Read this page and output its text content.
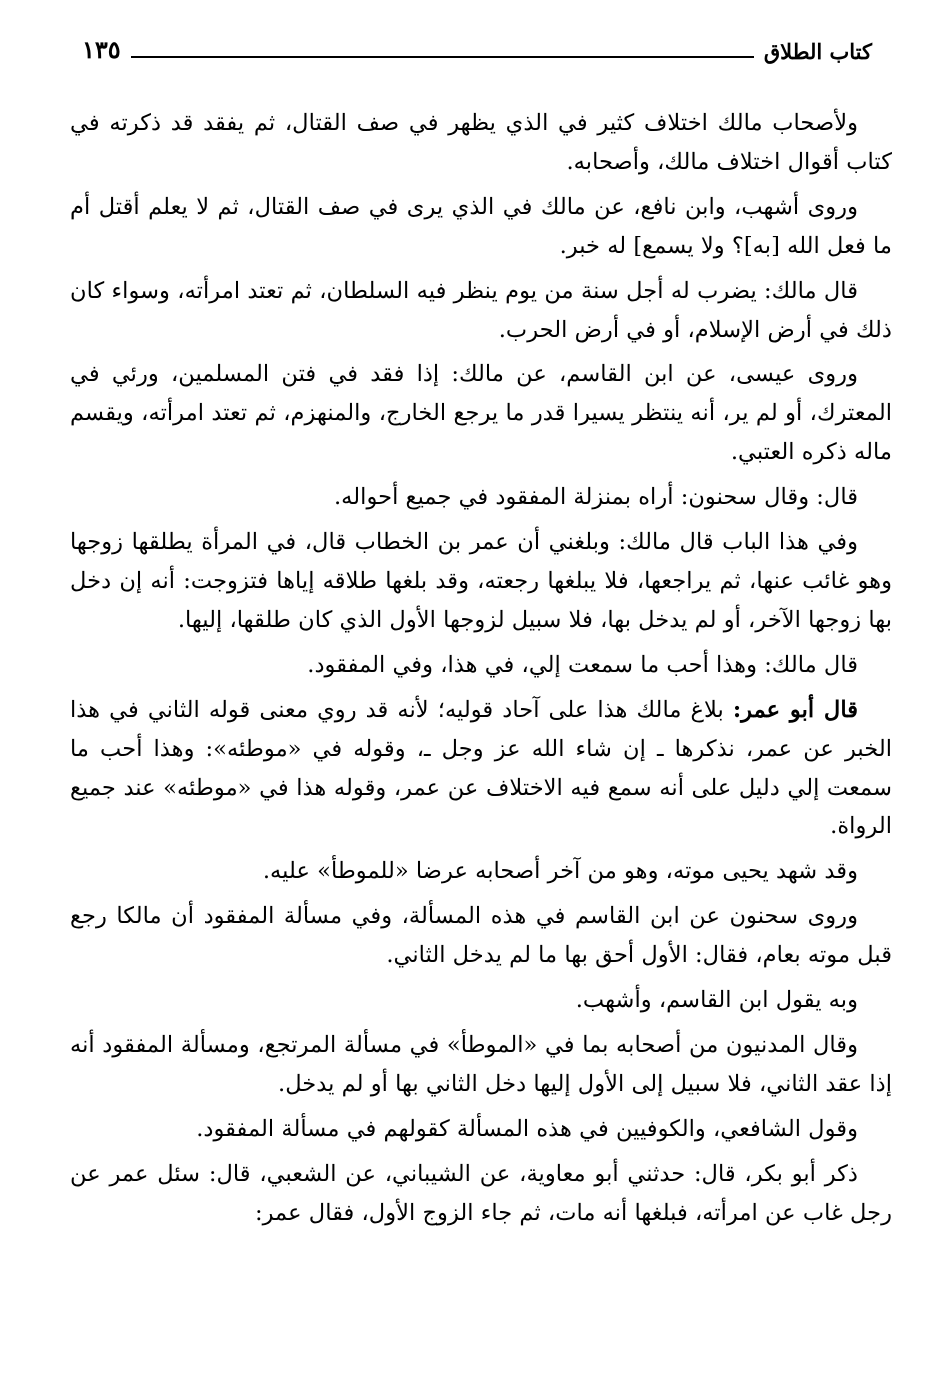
كتاب الطلاق
١٣٥

ولأصحاب مالك اختلاف كثير في الذي يظهر في صف القتال، ثم يفقد قد ذكرته في كتاب أقوال اختلاف مالك، وأصحابه.

وروى أشهب، وابن نافع، عن مالك في الذي يرى في صف القتال، ثم لا يعلم أقتل أم ما فعل الله [به]؟ ولا يسمع] له خبر.

قال مالك: يضرب له أجل سنة من يوم ينظر فيه السلطان، ثم تعتد امرأته، وسواء كان ذلك في أرض الإسلام، أو في أرض الحرب.

وروى عيسى، عن ابن القاسم، عن مالك: إذا فقد في فتن المسلمين، ورئي في المعترك، أو لم ير، أنه ينتظر يسيرا قدر ما يرجع الخارج، والمنهزم، ثم تعتد امرأته، ويقسم ماله ذكره العتبي.

قال: وقال سحنون: أراه بمنزلة المفقود في جميع أحواله.

وفي هذا الباب قال مالك: وبلغني أن عمر بن الخطاب قال، في المرأة يطلقها زوجها وهو غائب عنها، ثم يراجعها، فلا يبلغها رجعته، وقد بلغها طلاقه إياها فتزوجت: أنه إن دخل بها زوجها الآخر، أو لم يدخل بها، فلا سبيل لزوجها الأول الذي كان طلقها، إليها.

قال مالك: وهذا أحب ما سمعت إلي، في هذا، وفي المفقود.

قال أبو عمر: بلاغ مالك هذا على آحاد قوليه؛ لأنه قد روي معنى قوله الثاني في هذا الخبر عن عمر، نذكرها ـ إن شاء الله عز وجل ـ، وقوله في «موطئه»: وهذا أحب ما سمعت إلي دليل على أنه سمع فيه الاختلاف عن عمر، وقوله هذا في «موطئه» عند جميع الرواة.

وقد شهد يحيى موته، وهو من آخر أصحابه عرضا «للموطأ» عليه.

وروى سحنون عن ابن القاسم في هذه المسألة، وفي مسألة المفقود أن مالكا رجع قبل موته بعام، فقال: الأول أحق بها ما لم يدخل الثاني.

وبه يقول ابن القاسم، وأشهب.

وقال المدنيون من أصحابه بما في «الموطأ» في مسألة المرتجع، ومسألة المفقود أنه إذا عقد الثاني، فلا سبيل إلى الأول إليها دخل الثاني بها أو لم يدخل.

وقول الشافعي، والكوفيين في هذه المسألة كقولهم في مسألة المفقود.

ذكر أبو بكر، قال: حدثني أبو معاوية، عن الشيباني، عن الشعبي، قال: سئل عمر عن رجل غاب عن امرأته، فبلغها أنه مات، ثم جاء الزوج الأول، فقال عمر:
